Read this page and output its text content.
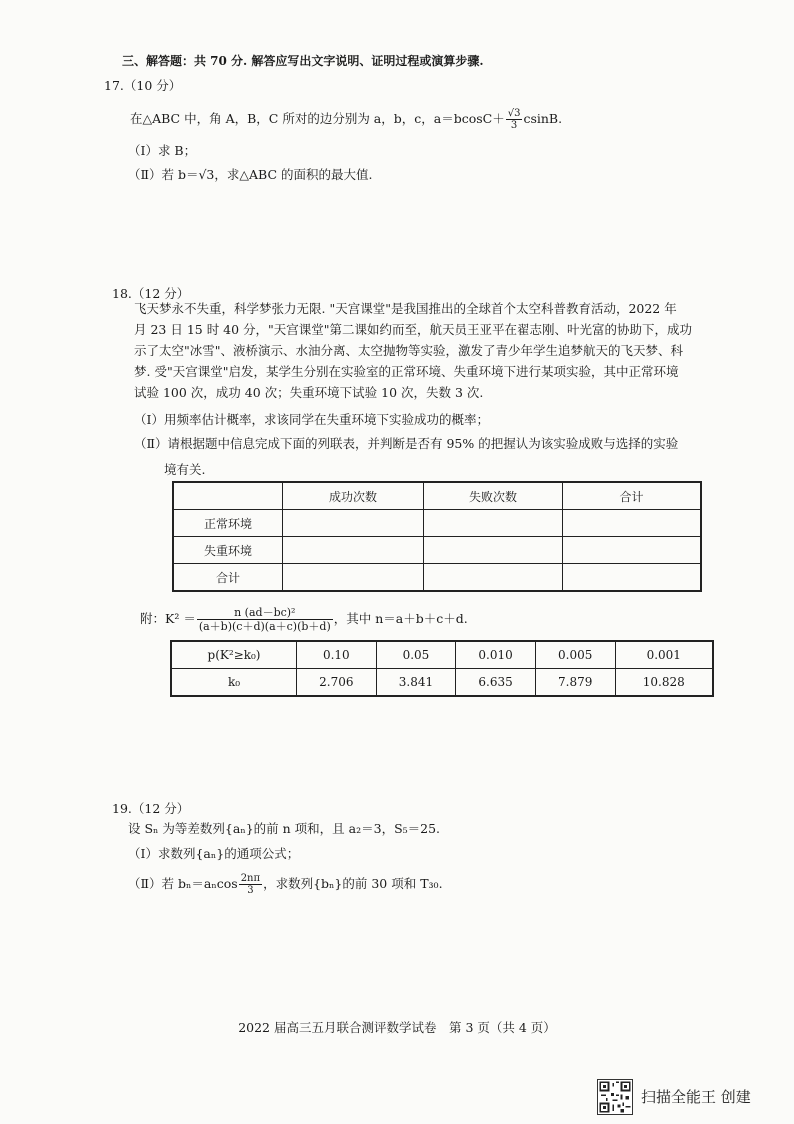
三、解答题：共 70 分. 解答应写出文字说明、证明过程或演算步骤.
17.（10 分）
在△ABC 中，角 A，B，C 所对的边分别为 a，b，c，$a=bcosC+ \frac{√3}{3} csinB$.
（Ⅰ）求 B；
（Ⅱ）若 b＝√3，求△ABC 的面积的最大值.
18.（12 分）
飞天梦永不失重，科学梦张力无限. "天宫课堂"是我国推出的全球首个太空科普教育活动，2022 年
月 23 日 15 时 40 分，"天宫课堂"第二课如约而至，航天员王亚平在翟志刚、叶光富的协助下，成功
示了太空"冰雪"、液桥演示、水油分离、太空抛物等实验，激发了青少年学生追梦航天的飞天梦、科
梦. 受"天宫课堂"启发，某学生分别在实验室的正常环境、失重环境下进行某项实验，其中正常环境
试验 100 次，成功 40 次；失重环境下试验 10 次，失数 3 次.
（Ⅰ）用频率估计概率，求该同学在失重环境下实验成功的概率；
（Ⅱ）请根据题中信息完成下面的列联表，并判断是否有 95% 的把握认为该实验成败与选择的实验
境有关.
	成功次数	失败次数	合计
正常环境			
失重环境			
合计			
附：$K^2 = \frac{\text{n (ad－bc)²}}{(a+b)(c+d)(a+c)(b+d)}$ ，其中 n＝a＋b＋c＋d.
p(K²≥k₀)	0.10	0.05	0.010	0.005	0.001
k₀	2.706	3.841	6.635	7.879	10.828
19.（12 分）
设 Sₙ 为等差数列{aₙ}的前 n 项和，且 a₂＝3，S₅＝25.
（Ⅰ）求数列{aₙ}的通项公式；
（Ⅱ）若 $b_n=a_n\cos \frac{2n\pi}{3}$ ，求数列{bₙ}的前 30 项和 T₃₀.
2022 届高三五月联合测评数学试卷　第 3 页（共 4 页）
扫描全能王 创建
